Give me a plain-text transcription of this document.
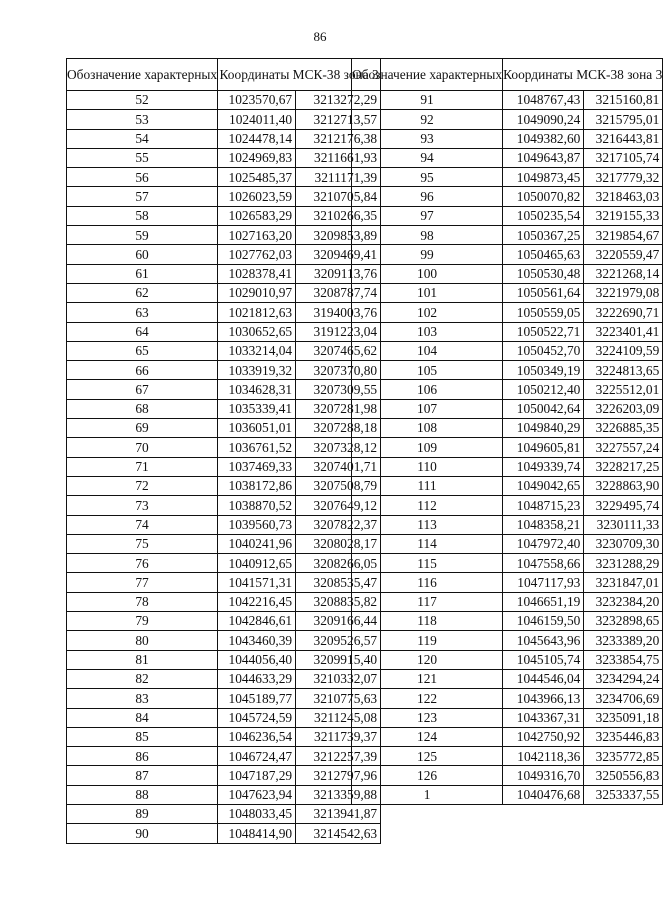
86
Обозначение характерных	Координаты МСК-38 зона 3	
52	1023570,67	3213272,29
53	1024011,40	3212713,57
54	1024478,14	3212176,38
55	1024969,83	3211661,93
56	1025485,37	3211171,39
57	1026023,59	3210705,84
58	1026583,29	3210266,35
59	1027163,20	3209853,89
60	1027762,03	3209469,41
61	1028378,41	3209113,76
62	1029010,97	3208787,74
63	1021812,63	3194003,76
64	1030652,65	3191223,04
65	1033214,04	3207465,62
66	1033919,32	3207370,80
67	1034628,31	3207309,55
68	1035339,41	3207281,98
69	1036051,01	3207288,18
70	1036761,52	3207328,12
71	1037469,33	3207401,71
72	1038172,86	3207508,79
73	1038870,52	3207649,12
74	1039560,73	3207822,37
75	1040241,96	3208028,17
76	1040912,65	3208266,05
77	1041571,31	3208535,47
78	1042216,45	3208835,82
79	1042846,61	3209166,44
80	1043460,39	3209526,57
81	1044056,40	3209915,40
82	1044633,29	3210332,07
83	1045189,77	3210775,63
84	1045724,59	3211245,08
85	1046236,54	3211739,37
86	1046724,47	3212257,39
87	1047187,29	3212797,96
88	1047623,94	3213359,88
89	1048033,45	3213941,87
90	1048414,90	3214542,63
Обозначение характерных	Координаты МСК-38 зона 3	
91	1048767,43	3215160,81
92	1049090,24	3215795,01
93	1049382,60	3216443,81
94	1049643,87	3217105,74
95	1049873,45	3217779,32
96	1050070,82	3218463,03
97	1050235,54	3219155,33
98	1050367,25	3219854,67
99	1050465,63	3220559,47
100	1050530,48	3221268,14
101	1050561,64	3221979,08
102	1050559,05	3222690,71
103	1050522,71	3223401,41
104	1050452,70	3224109,59
105	1050349,19	3224813,65
106	1050212,40	3225512,01
107	1050042,64	3226203,09
108	1049840,29	3226885,35
109	1049605,81	3227557,24
110	1049339,74	3228217,25
111	1049042,65	3228863,90
112	1048715,23	3229495,74
113	1048358,21	3230111,33
114	1047972,40	3230709,30
115	1047558,66	3231288,29
116	1047117,93	3231847,01
117	1046651,19	3232384,20
118	1046159,50	3232898,65
119	1045643,96	3233389,20
120	1045105,74	3233854,75
121	1044546,04	3234294,24
122	1043966,13	3234706,69
123	1043367,31	3235091,18
124	1042750,92	3235446,83
125	1042118,36	3235772,85
126	1049316,70	3250556,83
1	1040476,68	3253337,55
